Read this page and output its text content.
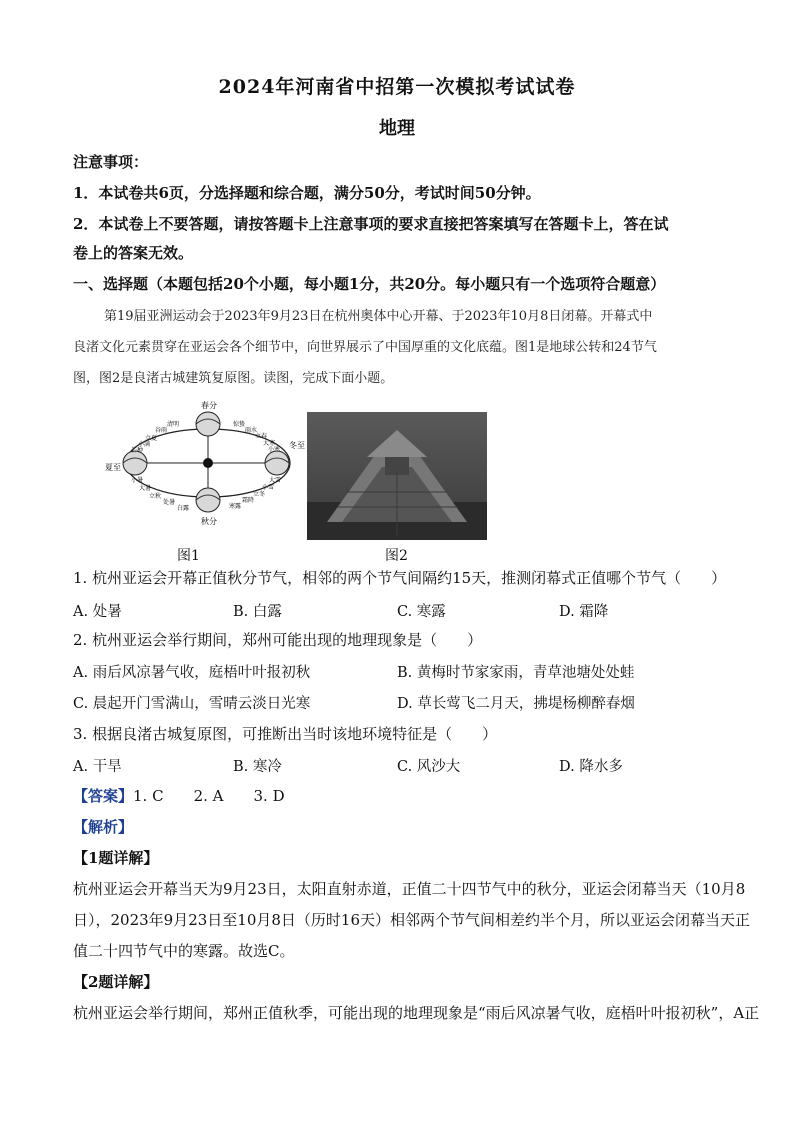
2024年河南省中招第一次模拟考试试卷
地理
注意事项：
1．本试卷共6页，分选择题和综合题，满分50分，考试时间50分钟。
2．本试卷上不要答题，请按答题卡上注意事项的要求直接把答案填写在答题卡上，答在试
卷上的答案无效。
一、选择题（本题包括20个小题，每小题1分，共20分。每小题只有一个选项符合题意）
第19届亚洲运动会于2023年9月23日在杭州奥体中心开幕、于2023年10月8日闭幕。开幕式中
良渚文化元素贯穿在亚运会各个细节中，向世界展示了中国厚重的文化底蕴。图1是地球公转和24节气
图，图2是良渚古城建筑复原图。读图，完成下面小题。
春分
夏至
冬至
秋分
清明
谷雨
立夏
小满
芒种
小暑
大暑
立秋
处暑
白露
惊蛰
雨水
立春
大寒
小寒
寒露
霜降
立冬
小雪
大雪
图1	图2
1. 杭州亚运会开幕正值秋分节气，相邻的两个节气间隔约15天，推测闭幕式正值哪个节气（　　）
A. 处暑	B. 白露	C. 寒露	D. 霜降
2. 杭州亚运会举行期间，郑州可能出现的地理现象是（　　）
A. 雨后风凉暑气收，庭梧叶叶报初秋	B. 黄梅时节家家雨，青草池塘处处蛙
C. 晨起开门雪满山，雪晴云淡日光寒	D. 草长莺飞二月天，拂堤杨柳醉春烟
3. 根据良渚古城复原图，可推断出当时该地环境特征是（　　）
A. 干旱	B. 寒冷	C. 风沙大	D. 降水多
【答案】1. C　　2. A　　3. D
【解析】
【1题详解】
杭州亚运会开幕当天为9月23日，太阳直射赤道，正值二十四节气中的秋分，亚运会闭幕当天（10月8
日），2023年9月23日至10月8日（历时16天）相邻两个节气间相差约半个月，所以亚运会闭幕当天正
值二十四节气中的寒露。故选C。
【2题详解】
杭州亚运会举行期间，郑州正值秋季，可能出现的地理现象是“雨后风凉暑气收，庭梧叶叶报初秋”，A正
